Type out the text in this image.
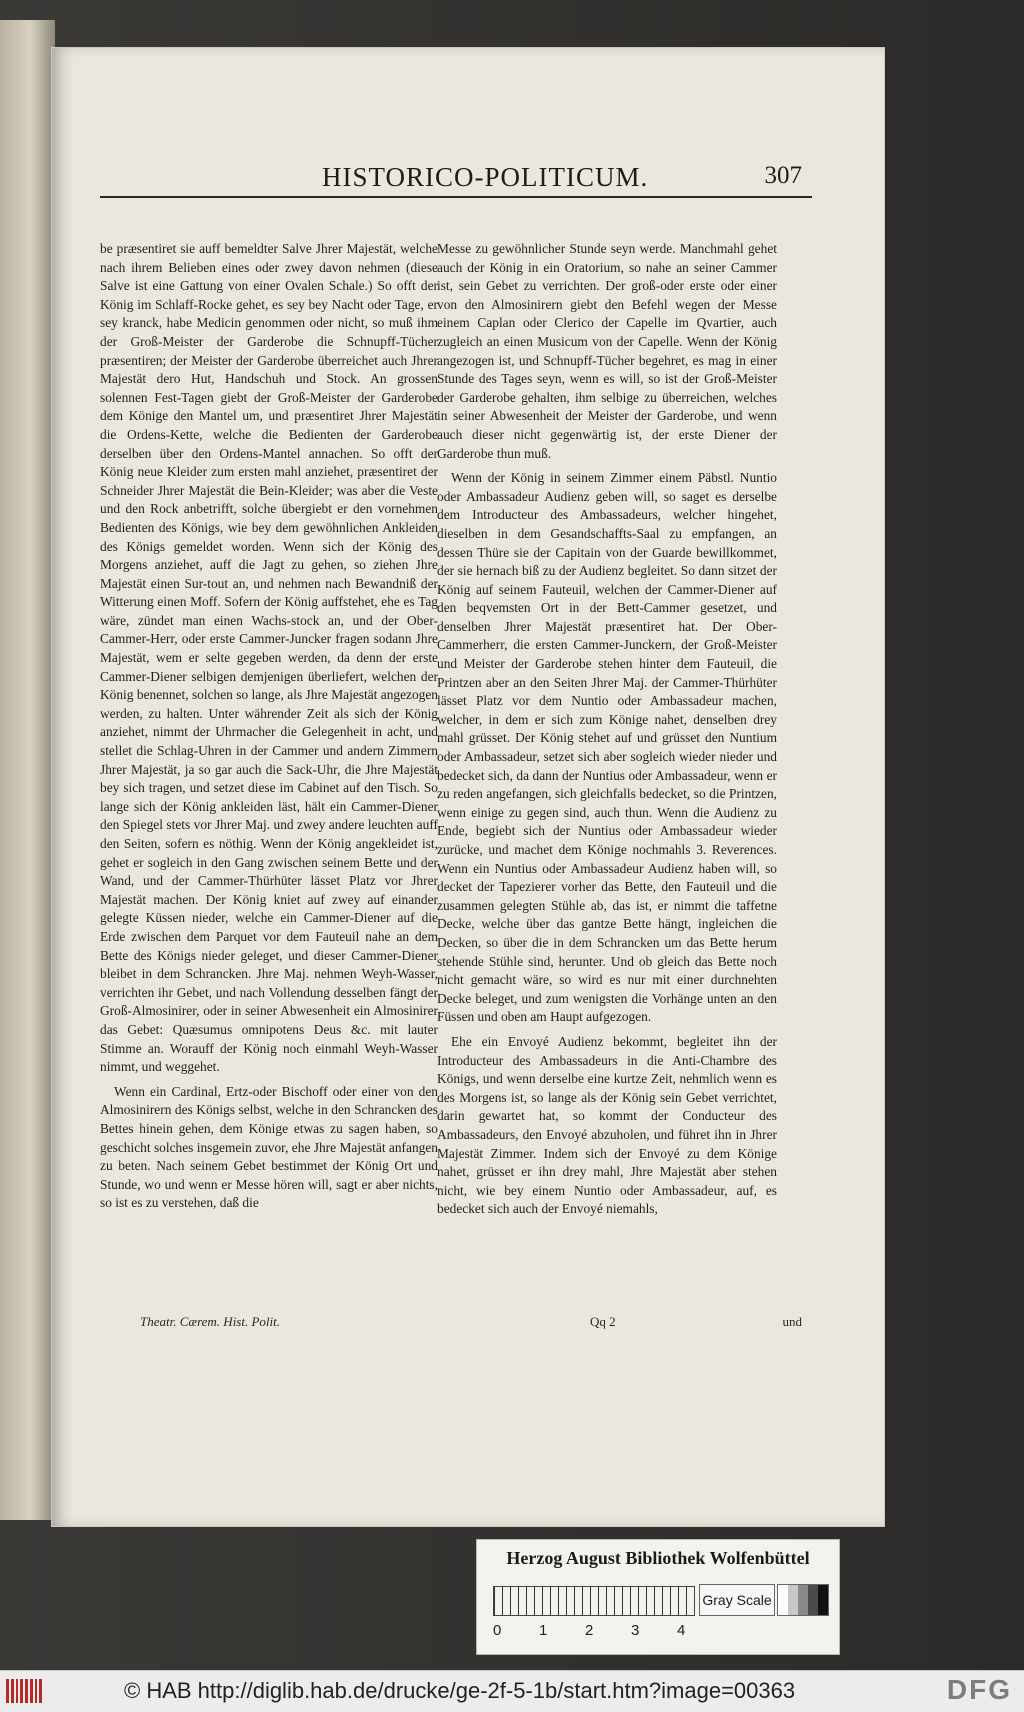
HISTORICO-POLITICUM.	307

be præsentiret sie auff bemeldter Salve Jhrer Majestät, welche nach ihrem Belieben eines oder zwey davon nehmen (diese Salve ist eine Gattung von einer Ovalen Schale.) So offt der König im Schlaff-Rocke gehet, es sey bey Nacht oder Tage, er sey kranck, habe Medicin genommen oder nicht, so muß ihm der Groß-Meister der Garderobe die Schnupff-Tücher præsentiren; der Meister der Garderobe überreichet auch Jhrer Majestät dero Hut, Handschuh und Stock. An grossen solennen Fest-Tagen giebt der Groß-Meister der Garderobe dem Könige den Mantel um, und præsentiret Jhrer Majestät die Ordens-Kette, welche die Bedienten der Garderobe derselben über den Ordens-Mantel annachen. So offt der König neue Kleider zum ersten mahl anziehet, præsentiret der Schneider Jhrer Majestät die Bein-Kleider; was aber die Veste und den Rock anbetrifft, solche übergiebt er den vornehmen Bedienten des Königs, wie bey dem gewöhnlichen Ankleiden des Königs gemeldet worden. Wenn sich der König des Morgens anziehet, auff die Jagt zu gehen, so ziehen Jhre Majestät einen Sur-tout an, und nehmen nach Bewandniß der Witterung einen Moff. Sofern der König auffstehet, ehe es Tag wäre, zündet man einen Wachs-stock an, und der Ober-Cammer-Herr, oder erste Cammer-Juncker fragen sodann Jhre Majestät, wem er selte gegeben werden, da denn der erste Cammer-Diener selbigen demjenigen überliefert, welchen der König benennet, solchen so lange, als Jhre Majestät angezogen werden, zu halten. Unter währender Zeit als sich der König anziehet, nimmt der Uhrmacher die Gelegenheit in acht, und stellet die Schlag-Uhren in der Cammer und andern Zimmern Jhrer Majestät, ja so gar auch die Sack-Uhr, die Jhre Majestät bey sich tragen, und setzet diese im Cabinet auf den Tisch. So lange sich der König ankleiden läst, hält ein Cammer-Diener den Spiegel stets vor Jhrer Maj. und zwey andere leuchten auff den Seiten, sofern es nöthig. Wenn der König angekleidet ist, gehet er sogleich in den Gang zwischen seinem Bette und der Wand, und der Cammer-Thürhüter lässet Platz vor Jhrer Majestät machen. Der König kniet auf zwey auf einander gelegte Küssen nieder, welche ein Cammer-Diener auf die Erde zwischen dem Parquet vor dem Fauteuil nahe an dem Bette des Königs nieder geleget, und dieser Cammer-Diener bleibet in dem Schrancken. Jhre Maj. nehmen Weyh-Wasser, verrichten ihr Gebet, und nach Vollendung desselben fängt der Groß-Almosinirer, oder in seiner Abwesenheit ein Almosinirer das Gebet: Quæsumus omnipotens Deus &c. mit lauter Stimme an. Worauff der König noch einmahl Weyh-Wasser nimmt, und weggehet.

Wenn ein Cardinal, Ertz-oder Bischoff oder einer von den Almosinirern des Königs selbst, welche in den Schrancken des Bettes hinein gehen, dem Könige etwas zu sagen haben, so geschicht solches insgemein zuvor, ehe Jhre Majestät anfangen zu beten. Nach seinem Gebet bestimmet der König Ort und Stunde, wo und wenn er Messe hören will, sagt er aber nichts, so ist es zu verstehen, daß die

Messe zu gewöhnlicher Stunde seyn werde. Manchmahl gehet auch der König in ein Oratorium, so nahe an seiner Cammer ist, sein Gebet zu verrichten. Der groß-oder erste oder einer von den Almosinirern giebt den Befehl wegen der Messe einem Caplan oder Clerico der Capelle im Qvartier, auch zugleich an einen Musicum von der Capelle. Wenn der König angezogen ist, und Schnupff-Tücher begehret, es mag in einer Stunde des Tages seyn, wenn es will, so ist der Groß-Meister der Garderobe gehalten, ihm selbige zu überreichen, welches in seiner Abwesenheit der Meister der Garderobe, und wenn auch dieser nicht gegenwärtig ist, der erste Diener der Garderobe thun muß.

Wenn der König in seinem Zimmer einem Päbstl. Nuntio oder Ambassadeur Audienz geben will, so saget es derselbe dem Introducteur des Ambassadeurs, welcher hingehet, dieselben in dem Gesandschaffts-Saal zu empfangen, an dessen Thüre sie der Capitain von der Guarde bewillkommet, der sie hernach biß zu der Audienz begleitet. So dann sitzet der König auf seinem Fauteuil, welchen der Cammer-Diener auf den beqvemsten Ort in der Bett-Cammer gesetzet, und denselben Jhrer Majestät præsentiret hat. Der Ober-Cammerherr, die ersten Cammer-Junckern, der Groß-Meister und Meister der Garderobe stehen hinter dem Fauteuil, die Printzen aber an den Seiten Jhrer Maj. der Cammer-Thürhüter lässet Platz vor dem Nuntio oder Ambassadeur machen, welcher, in dem er sich zum Könige nahet, denselben drey mahl grüsset. Der König stehet auf und grüsset den Nuntium oder Ambassadeur, setzet sich aber sogleich wieder nieder und bedecket sich, da dann der Nuntius oder Ambassadeur, wenn er zu reden angefangen, sich gleichfalls bedecket, so die Printzen, wenn einige zu gegen sind, auch thun. Wenn die Audienz zu Ende, begiebt sich der Nuntius oder Ambassadeur wieder zurücke, und machet dem Könige nochmahls 3. Reverences. Wenn ein Nuntius oder Ambassadeur Audienz haben will, so decket der Tapezierer vorher das Bette, den Fauteuil und die zusammen gelegten Stühle ab, das ist, er nimmt die taffetne Decke, welche über das gantze Bette hängt, ingleichen die Decken, so über die in dem Schrancken um das Bette herum stehende Stühle sind, herunter. Und ob gleich das Bette noch nicht gemacht wäre, so wird es nur mit einer durchnehten Decke beleget, und zum wenigsten die Vorhänge unten an den Füssen und oben am Haupt aufgezogen.

Ehe ein Envoyé Audienz bekommt, begleitet ihn der Introducteur des Ambassadeurs in die Anti-Chambre des Königs, und wenn derselbe eine kurtze Zeit, nehmlich wenn es des Morgens ist, so lange als der König sein Gebet verrichtet, darin gewartet hat, so kommt der Conducteur des Ambassadeurs, den Envoyé abzuholen, und führet ihn in Jhrer Majestät Zimmer. Indem sich der Envoyé zu dem Könige nahet, grüsset er ihn drey mahl, Jhre Majestät aber stehen nicht, wie bey einem Nuntio oder Ambassadeur, auf, es bedecket sich auch der Envoyé niemahls,

Theatr. Cærem. Hist. Polit.	Qq 2	und
Herzog August Bibliothek Wolfenbüttel
0	1	2	3	4
Gray Scale
© HAB http://diglib.hab.de/drucke/ge-2f-5-1b/start.htm?image=00363	DFG
